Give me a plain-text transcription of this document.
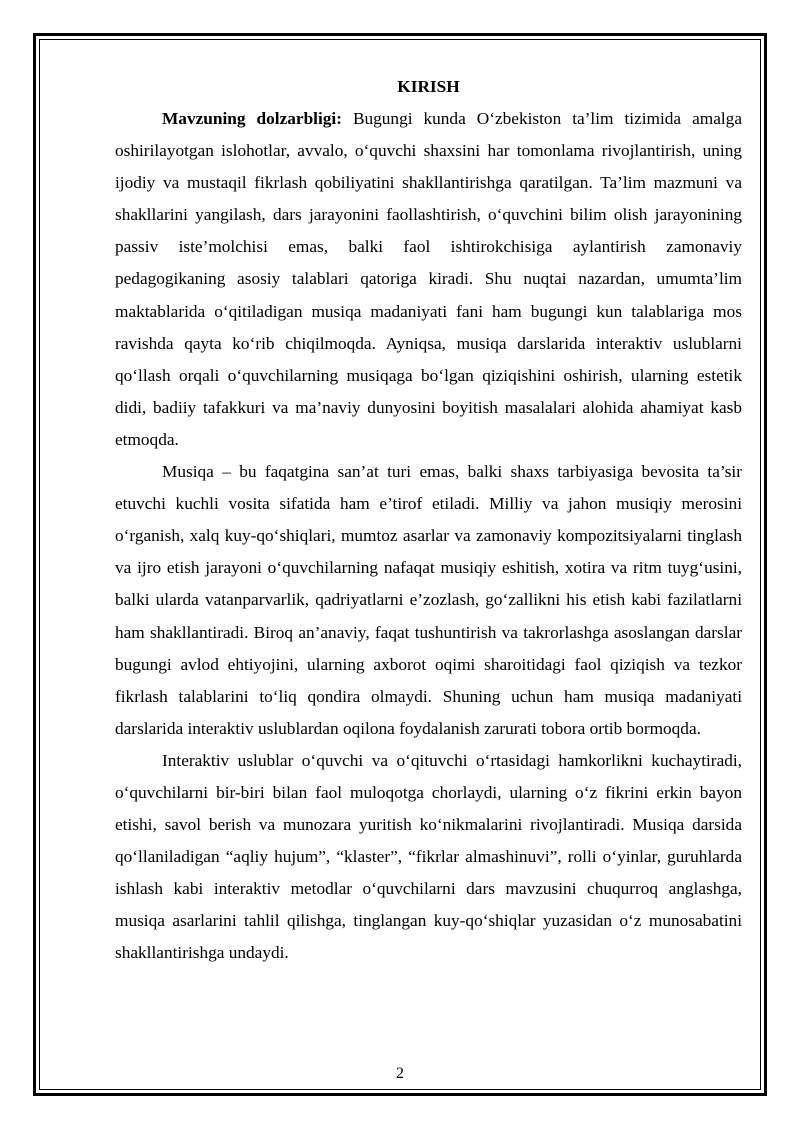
KIRISH

Mavzuning dolzarbligi: Bugungi kunda O‘zbekiston ta’lim tizimida amalga oshirilayotgan islohotlar, avvalo, o‘quvchi shaxsini har tomonlama rivojlantirish, uning ijodiy va mustaqil fikrlash qobiliyatini shakllantirishga qaratilgan. Ta’lim mazmuni va shakllarini yangilash, dars jarayonini faollashtirish, o‘quvchini bilim olish jarayonining passiv iste’molchisi emas, balki faol ishtirokchisiga aylantirish zamonaviy pedagogikaning asosiy talablari qatoriga kiradi. Shu nuqtai nazardan, umumta’lim maktablarida o‘qitiladigan musiqa madaniyati fani ham bugungi kun talablariga mos ravishda qayta ko‘rib chiqilmoqda. Ayniqsa, musiqa darslarida interaktiv uslublarni qo‘llash orqali o‘quvchilarning musiqaga bo‘lgan qiziqishini oshirish, ularning estetik didi, badiiy tafakkuri va ma’naviy dunyosini boyitish masalalari alohida ahamiyat kasb etmoqda.

Musiqa – bu faqatgina san’at turi emas, balki shaxs tarbiyasiga bevosita ta’sir etuvchi kuchli vosita sifatida ham e’tirof etiladi. Milliy va jahon musiqiy merosini o‘rganish, xalq kuy-qo‘shiqlari, mumtoz asarlar va zamonaviy kompozitsiyalarni tinglash va ijro etish jarayoni o‘quvchilarning nafaqat musiqiy eshitish, xotira va ritm tuyg‘usini, balki ularda vatanparvarlik, qadriyatlarni e’zozlash, go‘zallikni his etish kabi fazilatlarni ham shakllantiradi. Biroq an’anaviy, faqat tushuntirish va takrorlashga asoslangan darslar bugungi avlod ehtiyojini, ularning axborot oqimi sharoitidagi faol qiziqish va tezkor fikrlash talablarini to‘liq qondira olmaydi. Shuning uchun ham musiqa madaniyati darslarida interaktiv uslublardan oqilona foydalanish zarurati tobora ortib bormoqda.

Interaktiv uslublar o‘quvchi va o‘qituvchi o‘rtasidagi hamkorlikni kuchaytiradi, o‘quvchilarni bir-biri bilan faol muloqotga chorlaydi, ularning o‘z fikrini erkin bayon etishi, savol berish va munozara yuritish ko‘nikmalarini rivojlantiradi. Musiqa darsida qo‘llaniladigan “aqliy hujum”, “klaster”, “fikrlar almashinuvi”, rolli o‘yinlar, guruhlarda ishlash kabi interaktiv metodlar o‘quvchilarni dars mavzusini chuqurroq anglashga, musiqa asarlarini tahlil qilishga, tinglangan kuy-qo‘shiqlar yuzasidan o‘z munosabatini shakllantirishga undaydi.

2
